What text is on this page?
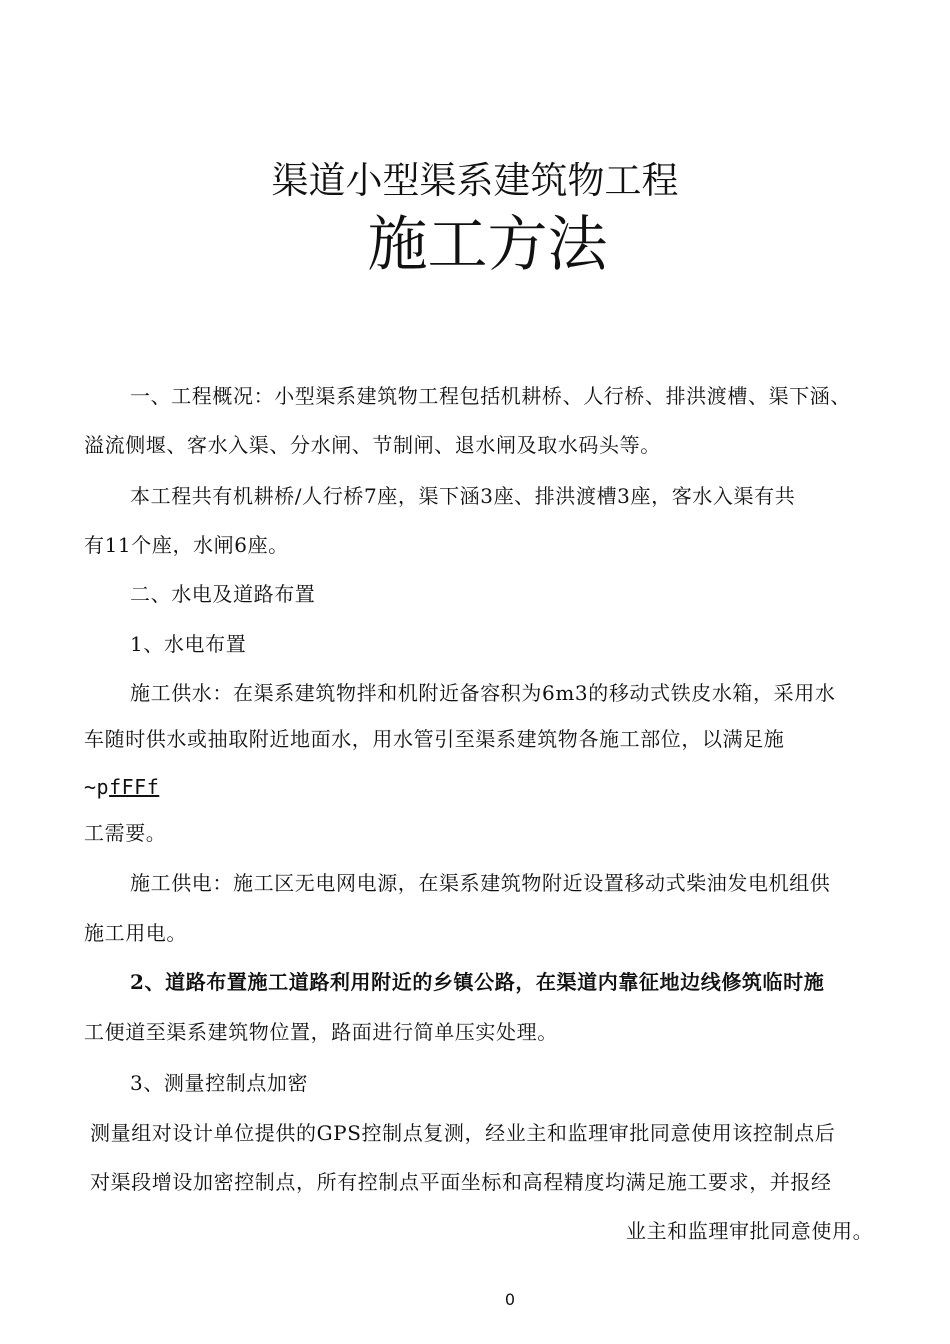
渠道小型渠系建筑物工程
施工方法
一、工程概况：小型渠系建筑物工程包括机耕桥、人行桥、排洪渡槽、渠下涵、
溢流侧堰、客水入渠、分水闸、节制闸、退水闸及取水码头等。
本工程共有机耕桥/人行桥7座，渠下涵3座、排洪渡槽3座，客水入渠有共
有11个座，水闸6座。
二、水电及道路布置
1、水电布置
施工供水：在渠系建筑物拌和机附近备容积为6m3的移动式铁皮水箱，采用水
车随时供水或抽取附近地面水，用水管引至渠系建筑物各施工部位，以满足施
~pfFFf
工需要。
施工供电：施工区无电网电源，在渠系建筑物附近设置移动式柴油发电机组供
施工用电。
2、道路布置施工道路利用附近的乡镇公路，在渠道内靠征地边线修筑临时施
工便道至渠系建筑物位置，路面进行简单压实处理。
3、测量控制点加密
测量组对设计单位提供的GPS控制点复测，经业主和监理审批同意使用该控制点后
对渠段增设加密控制点，所有控制点平面坐标和高程精度均满足施工要求，并报经
业主和监理审批同意使用。
0
